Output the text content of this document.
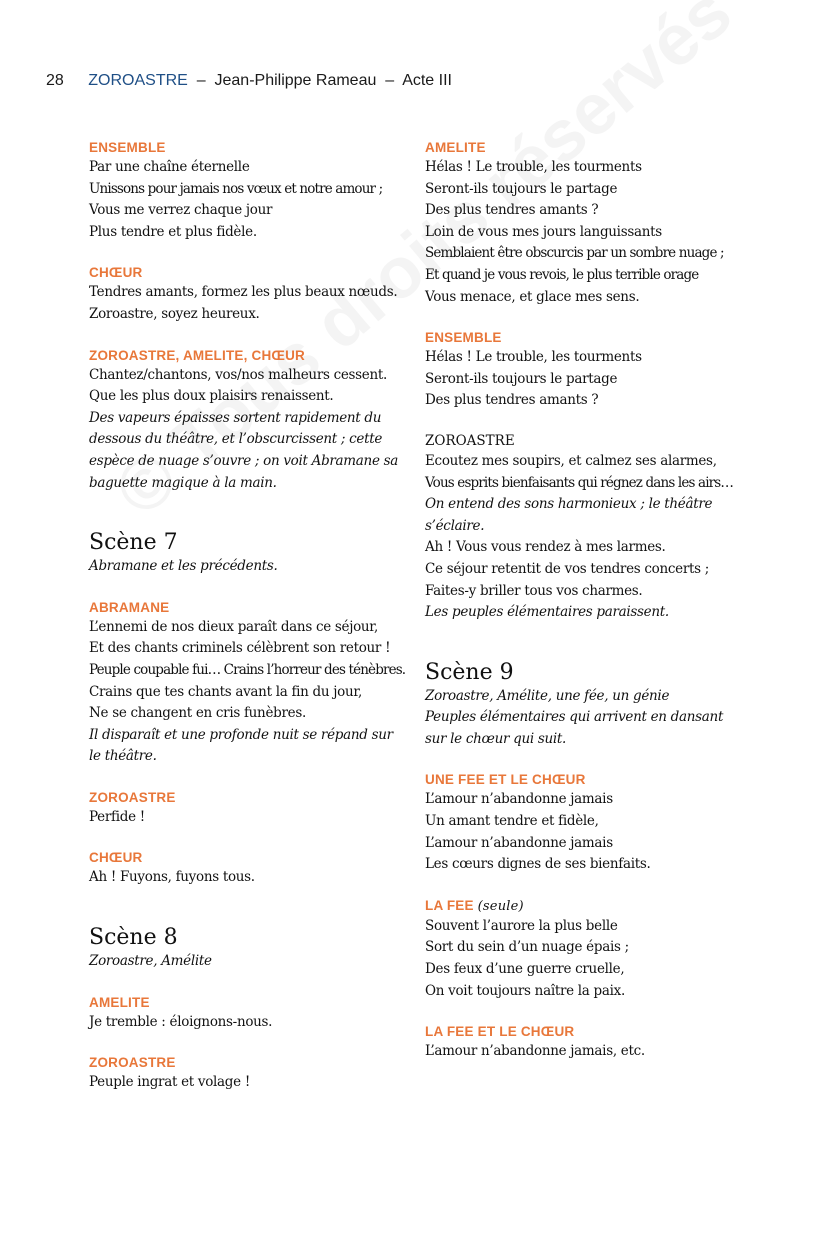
28 ZOROASTRE – Jean-Philippe Rameau – Acte III
ENSEMBLE
Par une chaîne éternelle
Unissons pour jamais nos vœux et notre amour ;
Vous me verrez chaque jour
Plus tendre et plus fidèle.
CHŒUR
Tendres amants, formez les plus beaux nœuds.
Zoroastre, soyez heureux.
ZOROASTRE, AMELITE, CHŒUR
Chantez/chantons, vos/nos malheurs cessent.
Que les plus doux plaisirs renaissent.
Des vapeurs épaisses sortent rapidement du
dessous du théâtre, et l’obscurcissent ; cette
espèce de nuage s’ouvre ; on voit Abramane sa
baguette magique à la main.
Scène 7
Abramane et les précédents.
ABRAMANE
L’ennemi de nos dieux paraît dans ce séjour,
Et des chants criminels célèbrent son retour !
Peuple coupable fui… Crains l’horreur des ténèbres.
Crains que tes chants avant la fin du jour,
Ne se changent en cris funèbres.
Il disparaît et une profonde nuit se répand sur
le théâtre.
ZOROASTRE
Perfide !
CHŒUR
Ah ! Fuyons, fuyons tous.
Scène 8
Zoroastre, Amélite
AMELITE
Je tremble : éloignons-nous.
ZOROASTRE
Peuple ingrat et volage !
AMELITE
Hélas ! Le trouble, les tourments
Seront-ils toujours le partage
Des plus tendres amants ?
Loin de vous mes jours languissants
Semblaient être obscurcis par un sombre nuage ;
Et quand je vous revois, le plus terrible orage
Vous menace, et glace mes sens.
ENSEMBLE
Hélas ! Le trouble, les tourments
Seront-ils toujours le partage
Des plus tendres amants ?
ZOROASTRE
Ecoutez mes soupirs, et calmez ses alarmes,
Vous esprits bienfaisants qui régnez dans les airs…
On entend des sons harmonieux ; le théâtre
s’éclaire.
Ah ! Vous vous rendez à mes larmes.
Ce séjour retentit de vos tendres concerts ;
Faites-y briller tous vos charmes.
Les peuples élémentaires paraissent.
Scène 9
Zoroastre, Amélite, une fée, un génie
Peuples élémentaires qui arrivent en dansant
sur le chœur qui suit.
UNE FEE ET LE CHŒUR
L’amour n’abandonne jamais
Un amant tendre et fidèle,
L’amour n’abandonne jamais
Les cœurs dignes de ses bienfaits.
LA FEE (seule)
Souvent l’aurore la plus belle
Sort du sein d’un nuage épais ;
Des feux d’une guerre cruelle,
On voit toujours naître la paix.
LA FEE ET LE CHŒUR
L’amour n’abandonne jamais, etc.
